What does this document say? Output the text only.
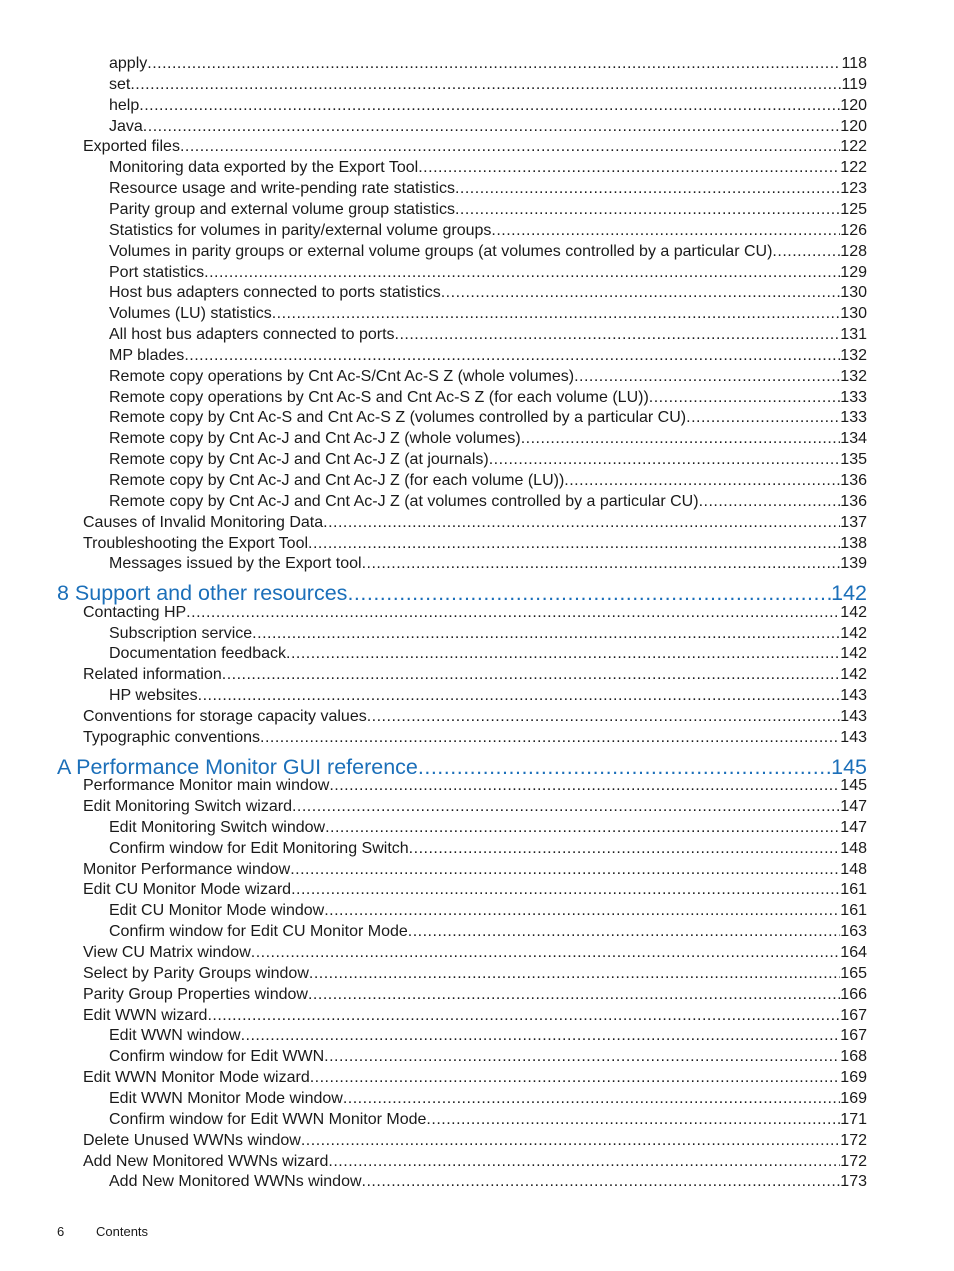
apply .....	118
set .....	119
help .....	120
Java .....	120
Exported files .....	122
Monitoring data exported by the Export Tool .....	122
Resource usage and write-pending rate statistics .....	123
Parity group and external volume group statistics .....	125
Statistics for volumes in parity/external volume groups .....	126
Volumes in parity groups or external volume groups (at volumes controlled by a particular CU) .....	128
Port statistics .....	129
Host bus adapters connected to ports statistics .....	130
Volumes (LU) statistics .....	130
All host bus adapters connected to ports .....	131
MP blades .....	132
Remote copy operations by Cnt Ac-S/Cnt Ac-S Z (whole volumes) .....	132
Remote copy operations by Cnt Ac-S and Cnt Ac-S Z (for each volume (LU)) .....	133
Remote copy by Cnt Ac-S and Cnt Ac-S Z (volumes controlled by a particular CU) .....	133
Remote copy by Cnt Ac-J and Cnt Ac-J Z (whole volumes) .....	134
Remote copy by Cnt Ac-J and Cnt Ac-J Z (at journals) .....	135
Remote copy by Cnt Ac-J and Cnt Ac-J Z (for each volume (LU)) .....	136
Remote copy by Cnt Ac-J and Cnt Ac-J Z (at volumes controlled by a particular CU) .....	136
Causes of Invalid Monitoring Data .....	137
Troubleshooting the Export Tool .....	138
Messages issued by the Export tool .....	139
8 Support and other resources .....	142
Contacting HP .....	142
Subscription service .....	142
Documentation feedback .....	142
Related information .....	142
HP websites .....	143
Conventions for storage capacity values .....	143
Typographic conventions .....	143
A Performance Monitor GUI reference .....	145
Performance Monitor main window .....	145
Edit Monitoring Switch wizard .....	147
Edit Monitoring Switch window .....	147
Confirm window for Edit Monitoring Switch .....	148
Monitor Performance window .....	148
Edit CU Monitor Mode wizard .....	161
Edit CU Monitor Mode window .....	161
Confirm window for Edit CU Monitor Mode .....	163
View CU Matrix window .....	164
Select by Parity Groups window .....	165
Parity Group Properties window .....	166
Edit WWN wizard .....	167
Edit WWN window .....	167
Confirm window for Edit WWN .....	168
Edit WWN Monitor Mode wizard .....	169
Edit WWN Monitor Mode window .....	169
Confirm window for Edit WWN Monitor Mode .....	171
Delete Unused WWNs window .....	172
Add New Monitored WWNs wizard .....	172
Add New Monitored WWNs window .....	173
6 Contents
